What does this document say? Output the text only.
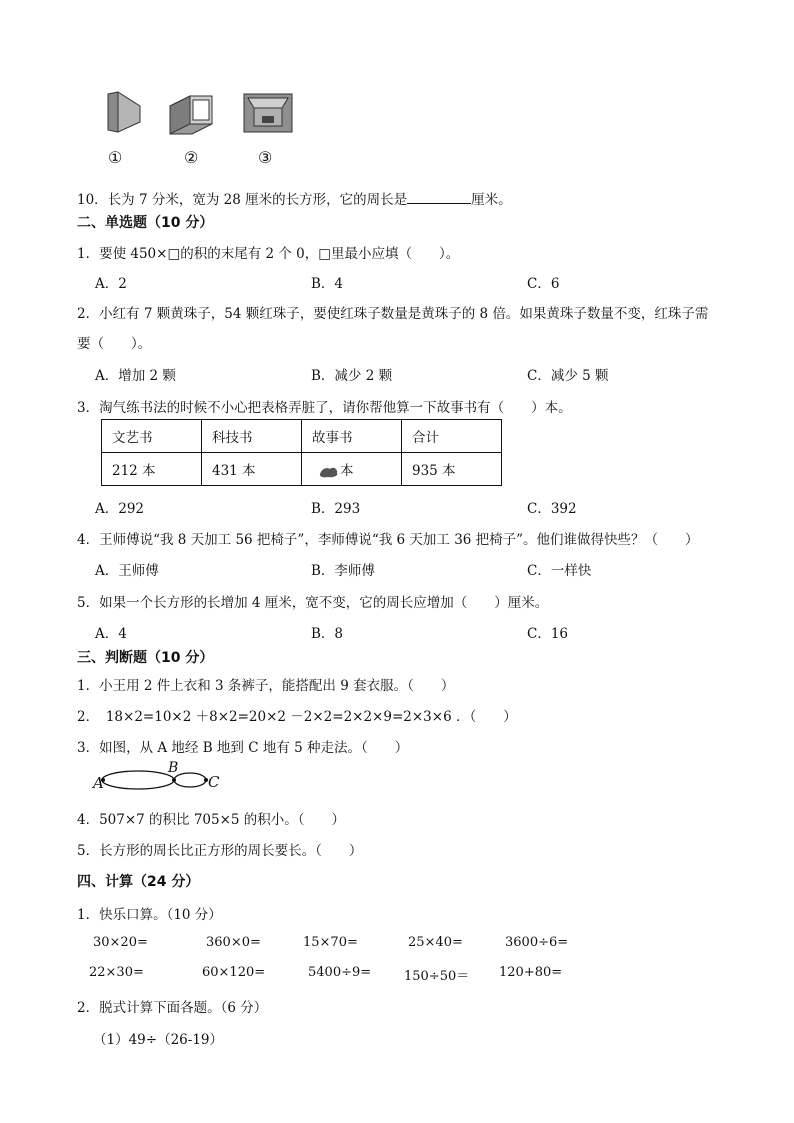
①	②	③
10．长为 7 分米，宽为 28 厘米的长方形，它的周长是	厘米。
二、单选题（10 分）
1．要使 450×□的积的末尾有 2 个 0，□里最小应填（　　）。
A．2	B．4	C．6
2．小红有 7 颗黄珠子，54 颗红珠子，要使红珠子数量是黄珠子的 8 倍。如果黄珠子数量不变，红珠子需
要（　　）。
A．增加 2 颗	B．减少 2 颗	C．减少 5 颗
3．淘气练书法的时候不小心把表格弄脏了，请你帮他算一下故事书有（　　）本。
文艺书	科技书	故事书	合计
212 本	431 本	本	935 本
A．292	B．293	C．392
4．王师傅说“我 8 天加工 56 把椅子”，李师傅说“我 6 天加工 36 把椅子”。他们谁做得快些？（　　）
A．王师傅	B．李师傅	C．一样快
5．如果一个长方形的长增加 4 厘米，宽不变，它的周长应增加（　　）厘米。
A．4	B．8	C．16
三、判断题（10 分）
1．小王用 2 件上衣和 3 条裤子，能搭配出 9 套衣服。（　　）
2．　18×2=10×2 ＋8×2=20×2 －2×2=2×2×9=2×3×6 ．（　　）
3．如图，从 A 地经 B 地到 C 地有 5 种走法。（　　）
A
B
C
4．507×7 的积比 705×5 的积小。（　　）
5．长方形的周长比正方形的周长要长。（　　）
四、计算（24 分）
1．快乐口算。（10 分）
30×20=	360×0=	15×70=	25×40=	3600÷6=
22×30=	60×120=	5400÷9=	150÷50＝ 120+80=
2．脱式计算下面各题。（6 分）
（1）49÷（26-19）
